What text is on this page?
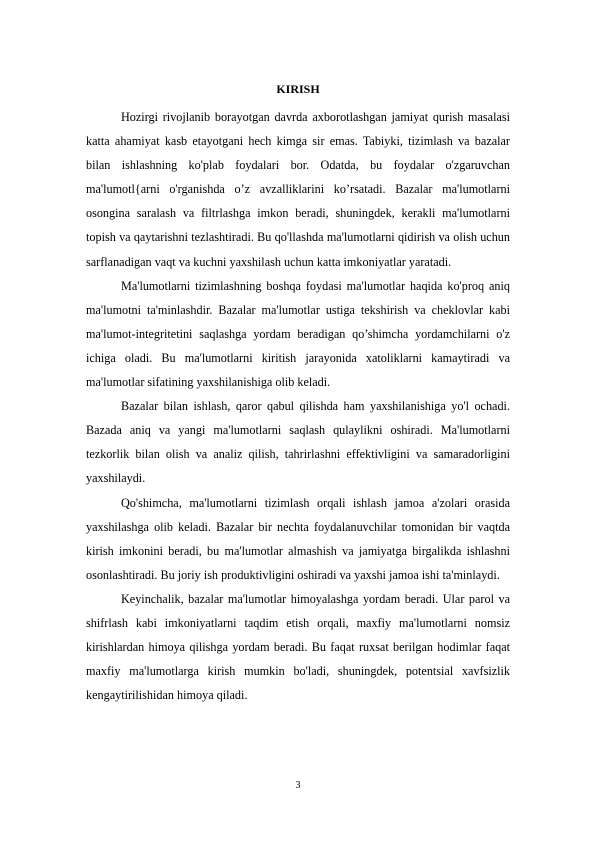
KIRISH

Hozirgi rivojlanib borayotgan davrda axborotlashgan jamiyat qurish masalasi katta ahamiyat kasb etayotgani hech kimga sir emas. Tabiyki, tizimlash va bazalar bilan ishlashning ko'plab foydalari bor. Odatda, bu foydalar o'zgaruvchan ma'lumotl{arni o'rganishda o’z avzalliklarini ko’rsatadi. Bazalar ma'lumotlarni osongina saralash va filtrlashga imkon beradi, shuningdek, kerakli ma'lumotlarni topish va qaytarishni tezlashtiradi. Bu qo'llashda ma'lumotlarni qidirish va olish uchun sarflanadigan vaqt va kuchni yaxshilash uchun katta imkoniyatlar yaratadi.

Ma'lumotlarni tizimlashning boshqa foydasi ma'lumotlar haqida ko'proq aniq ma'lumotni ta'minlashdir. Bazalar ma'lumotlar ustiga tekshirish va cheklovlar kabi ma'lumot-integritetini saqlashga yordam beradigan qo’shimcha yordamchilarni o'z ichiga oladi. Bu ma'lumotlarni kiritish jarayonida xatoliklarni kamaytiradi va ma'lumotlar sifatining yaxshilanishiga olib keladi.

Bazalar bilan ishlash, qaror qabul qilishda ham yaxshilanishiga yo'l ochadi. Bazada aniq va yangi ma'lumotlarni saqlash qulaylikni oshiradi. Ma'lumotlarni tezkorlik bilan olish va analiz qilish, tahrirlashni effektivligini va samaradorligini yaxshilaydi.

Qo'shimcha, ma'lumotlarni tizimlash orqali ishlash jamoa a'zolari orasida yaxshilashga olib keladi. Bazalar bir nechta foydalanuvchilar tomonidan bir vaqtda kirish imkonini beradi, bu ma'lumotlar almashish va jamiyatga birgalikda ishlashni osonlashtiradi. Bu joriy ish produktivligini oshiradi va yaxshi jamoa ishi ta'minlaydi.

Keyinchalik, bazalar ma'lumotlar himoyalashga yordam beradi. Ular parol va shifrlash kabi imkoniyatlarni taqdim etish orqali, maxfiy ma'lumotlarni nomsiz kirishlardan himoya qilishga yordam beradi. Bu faqat ruxsat berilgan hodimlar faqat maxfiy ma'lumotlarga kirish mumkin bo'ladi, shuningdek, potentsial xavfsizlik kengaytirilishidan himoya qiladi.

3
